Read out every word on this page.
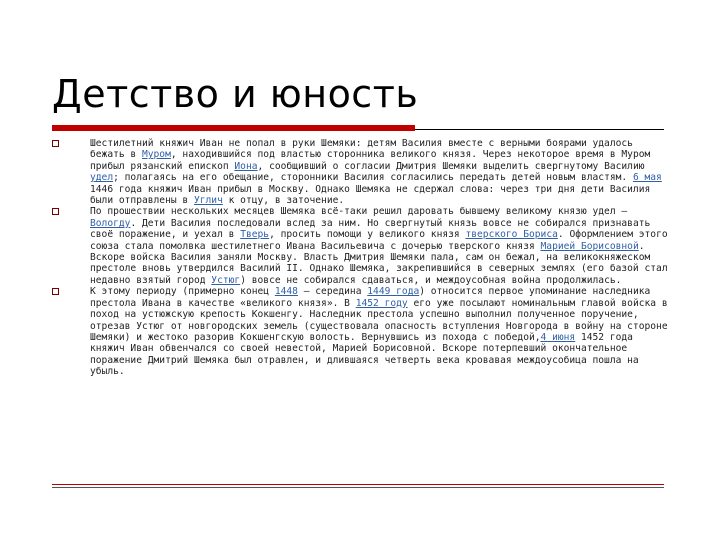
Детство и юность
Шестилетний княжич Иван не попал в руки Шемяки: детям Василия вместе с верными боярами удалось бежать в Муром, находившийся под властью сторонника великого князя. Через некоторое время в Муром прибыл рязанский епископ Иона, сообщивший о согласии Дмитрия Шемяки выделить свергнутому Василию удел; полагаясь на его обещание, сторонники Василия согласились передать детей новым властям. 6 мая 1446 года княжич Иван прибыл в Москву. Однако Шемяка не сдержал слова: через три дня дети Василия были отправлены в Углич к отцу, в заточение.
По прошествии нескольких месяцев Шемяка всё-таки решил даровать бывшему великому князю удел — Вологду. Дети Василия последовали вслед за ним. Но свергнутый князь вовсе не собирался признавать своё поражение, и уехал в Тверь, просить помощи у великого князя тверского Бориса. Оформлением этого союза стала помолвка шестилетнего Ивана Васильевича с дочерью тверского князя Марией Борисовной. Вскоре войска Василия заняли Москву. Власть Дмитрия Шемяки пала, сам он бежал, на великокняжеском престоле вновь утвердился Василий II. Однако Шемяка, закрепившийся в северных землях (его базой стал недавно взятый город Устюг) вовсе не собирался сдаваться, и междоусобная война продолжилась.
К этому периоду (примерно конец 1448 — середина 1449 года) относится первое упоминание наследника престола Ивана в качестве «великого князя». В 1452 году его уже посылают номинальным главой войска в поход на устюжскую крепость Кокшенгу. Наследник престола успешно выполнил полученное поручение, отрезав Устюг от новгородских земель (существовала опасность вступления Новгорода в войну на стороне Шемяки) и жестоко разорив Кокшенгскую волость. Вернувшись из похода с победой,4 июня 1452 года княжич Иван обвенчался со своей невестой, Марией Борисовной. Вскоре потерпевший окончательное поражение Дмитрий Шемяка был отравлен, и длившаяся четверть века кровавая междоусобица пошла на убыль.
